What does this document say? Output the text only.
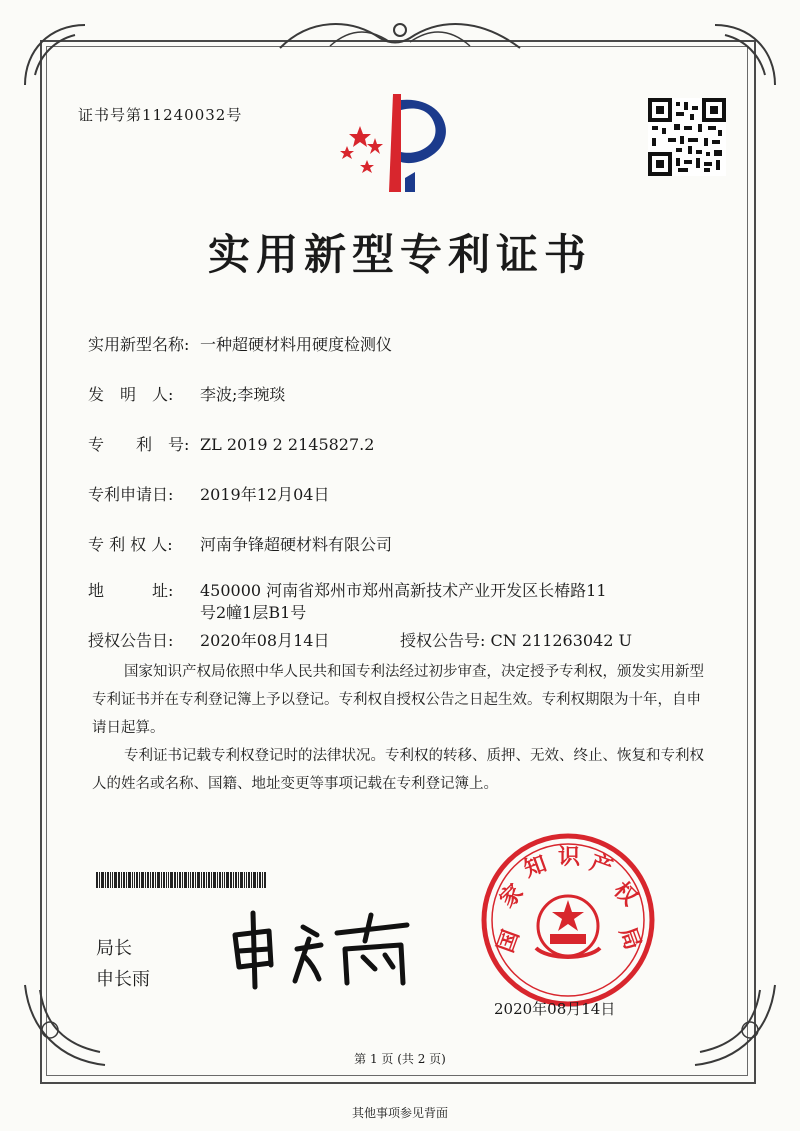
证书号第11240032号
实用新型专利证书
实用新型名称: 一种超硬材料用硬度检测仪
发　明　人: 李波;李琬琰
专　　利　号: ZL 2019 2 2145827.2
专利申请日: 2019年12月04日
专 利 权 人: 河南争锋超硬材料有限公司
地　　　址: 450000 河南省郑州市郑州高新技术产业开发区长椿路11
号2幢1层B1号
授权公告日: 2020年08月14日	授权公告号: CN 211263042 U

国家知识产权局依照中华人民共和国专利法经过初步审查，决定授予专利权，颁发实用新型专利证书并在专利登记簿上予以登记。专利权自授权公告之日起生效。专利权期限为十年，自申请日起算。

专利证书记载专利权登记时的法律状况。专利权的转移、质押、无效、终止、恢复和专利权人的姓名或名称、国籍、地址变更等事项记载在专利登记簿上。

局长
申长雨
国
家
知 识 产
权
局
2020年08月14日
第 1 页 (共 2 页)
其他事项参见背面
